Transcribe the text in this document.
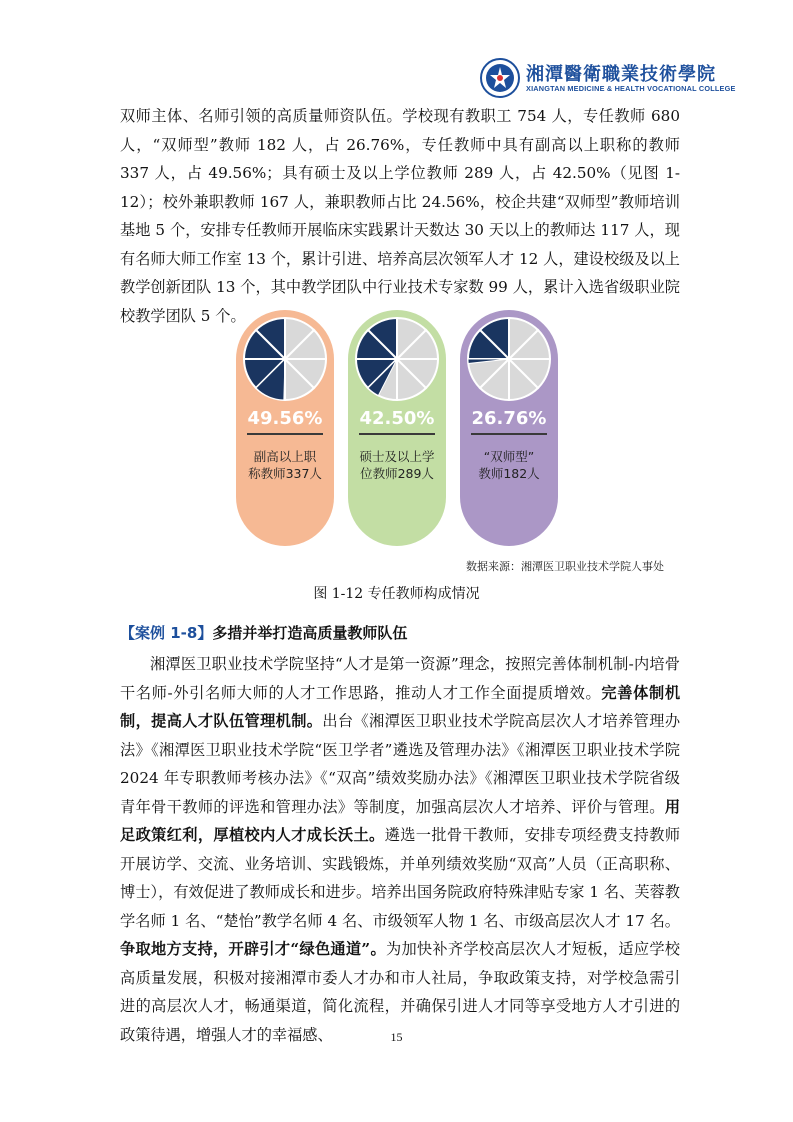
湘潭醫衛職業技術學院
XIANGTAN MEDICINE & HEALTH VOCATIONAL COLLEGE

双师主体、名师引领的高质量师资队伍。学校现有教职工 754 人，专任教师 680 人，“双师型”教师 182 人，占 26.76%，专任教师中具有副高以上职称的教师 337 人，占 49.56%；具有硕士及以上学位教师 289 人，占 42.50%（见图 1-12）；校外兼职教师 167 人，兼职教师占比 24.56%，校企共建“双师型”教师培训基地 5 个，安排专任教师开展临床实践累计天数达 30 天以上的教师达 117 人，现有名师大师工作室 13 个，累计引进、培养高层次领军人才 12 人，建设校级及以上教学创新团队 13 个，其中教学团队中行业技术专家数 99 人，累计入选省级职业院校教学团队 5 个。

49.56%
副高以上职
称教师337人
42.50%
硕士及以上学
位教师289人
26.76%
“双师型”
教师182人
数据来源：湘潭医卫职业技术学院人事处
图 1-12 专任教师构成情况
【案例 1-8】多措并举打造高质量教师队伍

湘潭医卫职业技术学院坚持“人才是第一资源”理念，按照完善体制机制-内培骨干名师-外引名师大师的人才工作思路，推动人才工作全面提质增效。完善体制机制，提高人才队伍管理机制。出台《湘潭医卫职业技术学院高层次人才培养管理办法》《湘潭医卫职业技术学院“医卫学者”遴选及管理办法》《湘潭医卫职业技术学院 2024 年专职教师考核办法》《“双高”绩效奖励办法》《湘潭医卫职业技术学院省级青年骨干教师的评选和管理办法》等制度，加强高层次人才培养、评价与管理。用足政策红利，厚植校内人才成长沃土。遴选一批骨干教师，安排专项经费支持教师开展访学、交流、业务培训、实践锻炼，并单列绩效奖励“双高”人员（正高职称、博士），有效促进了教师成长和进步。培养出国务院政府特殊津贴专家 1 名、芙蓉教学名师 1 名、“楚怡”教学名师 4 名、市级领军人物 1 名、市级高层次人才 17 名。争取地方支持，开辟引才“绿色通道”。为加快补齐学校高层次人才短板，适应学校高质量发展，积极对接湘潭市委人才办和市人社局，争取政策支持，对学校急需引进的高层次人才，畅通渠道，简化流程，并确保引进人才同等享受地方人才引进的政策待遇，增强人才的幸福感、	15
